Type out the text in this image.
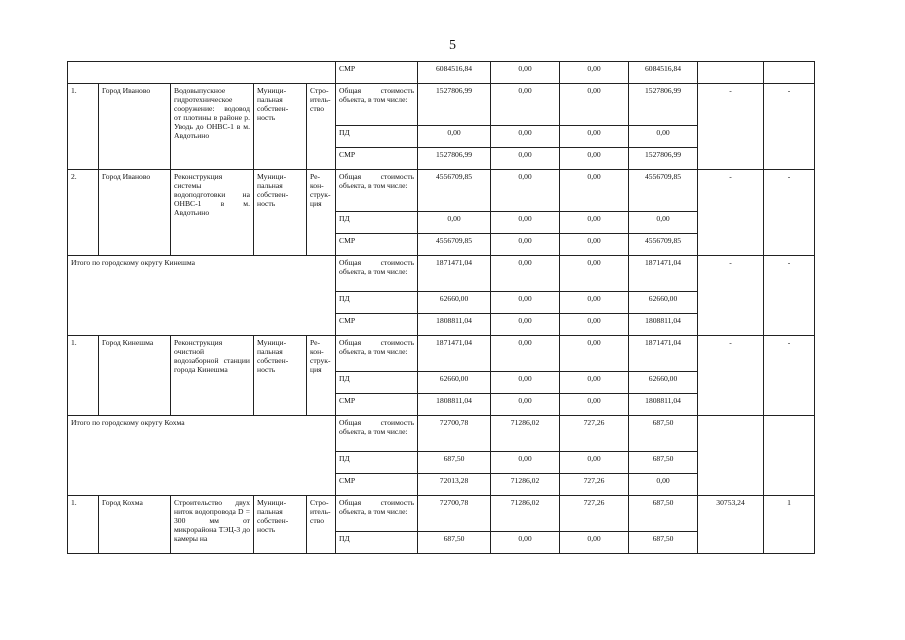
5
					СМР	6084516,84	0,00	0,00	6084516,84		
1.	Город Иваново	Водовыпускное гидротехническое сооружение: водовод от плотины в районе р. Уводь до ОНВС-1 в м. Авдотьино	Муници-пальная собствен-ность	Стро-итель-ство	Общая стоимость объекта, в том числе:	1527806,99	0,00	0,00	1527806,99	-	-
					ПД	0,00	0,00	0,00	0,00		
					СМР	1527806,99	0,00	0,00	1527806,99		
2.	Город Иваново	Реконструкция системы водоподготовки на ОНВС-1 в м. Авдотьино	Муници-пальная собствен-ность	Ре-кон-струк-ция	Общая стоимость объекта, в том числе:	4556709,85	0,00	0,00	4556709,85	-	-
					ПД	0,00	0,00	0,00	0,00		
					СМР	4556709,85	0,00	0,00	4556709,85		
Итого по городскому округу Кинешма					Общая стоимость объекта, в том числе:	1871471,04	0,00	0,00	1871471,04	-	-
					ПД	62660,00	0,00	0,00	62660,00		
					СМР	1808811,04	0,00	0,00	1808811,04		
1.	Город Кинешма	Реконструкция очистной водозаборной станции города Кинешма	Муници-пальная собствен-ность	Ре-кон-струк-ция	Общая стоимость объекта, в том числе:	1871471,04	0,00	0,00	1871471,04	-	-
					ПД	62660,00	0,00	0,00	62660,00		
					СМР	1808811,04	0,00	0,00	1808811,04		
Итого по городскому округу Кохма					Общая стоимость объекта, в том числе:	72700,78	71286,02	727,26	687,50		
					ПД	687,50	0,00	0,00	687,50		
					СМР	72013,28	71286,02	727,26	0,00		
1.	Город Кохма	Строительство двух ниток водопровода D = 300 мм от микрорайона ТЭЦ-3 до камеры на	Муници-пальная собствен-ность	Стро-итель-ство	Общая стоимость объекта, в том числе:	72700,78	71286,02	727,26	687,50	30753,24	1
					ПД	687,50	0,00	0,00	687,50		
